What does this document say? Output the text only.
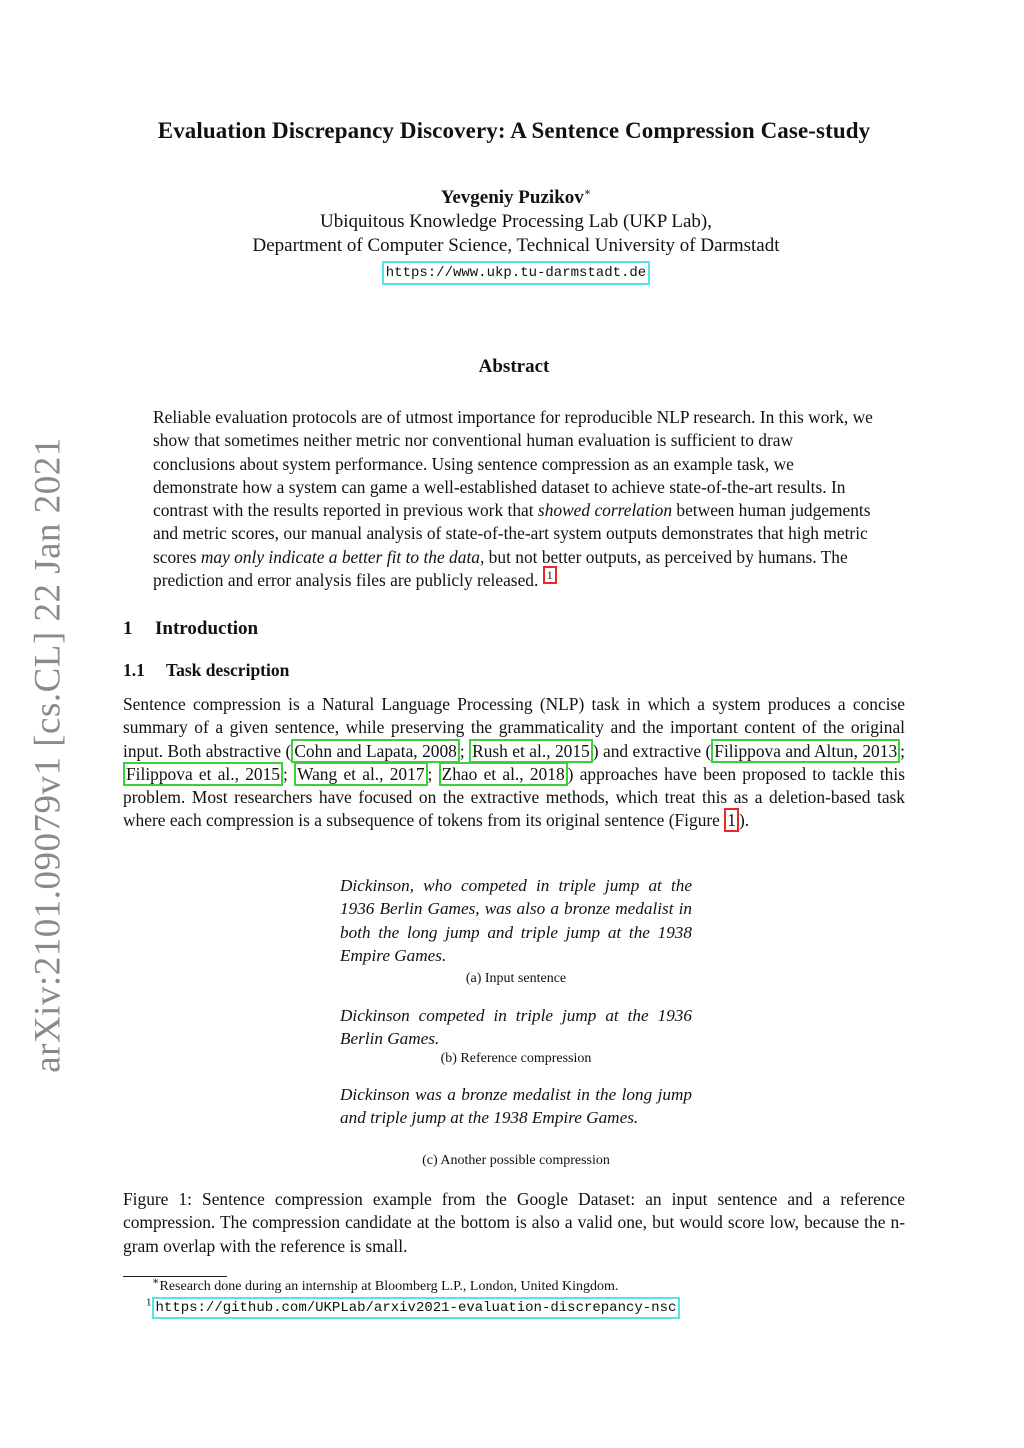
Evaluation Discrepancy Discovery: A Sentence Compression Case-study
Yevgeniy Puzikov∗
Ubiquitous Knowledge Processing Lab (UKP Lab),
Department of Computer Science, Technical University of Darmstadt
https://www.ukp.tu-darmstadt.de
arXiv:2101.09079v1 [cs.CL] 22 Jan 2021
Abstract

Reliable evaluation protocols are of utmost importance for reproducible NLP research. In this work, we show that sometimes neither metric nor conventional human evaluation is sufficient to draw conclusions about system performance. Using sentence compression as an example task, we demonstrate how a system can game a well-established dataset to achieve state-of-the-art results. In contrast with the results reported in previous work that showed correlation between human judgements and metric scores, our manual analysis of state-of-the-art system outputs demonstrates that high metric scores may only indicate a better fit to the data, but not better outputs, as perceived by humans. The prediction and error analysis files are publicly released. $^1$

1 Introduction
1.1 Task description

Sentence compression is a Natural Language Processing (NLP) task in which a system produces a concise summary of a given sentence, while preserving the grammaticality and the important content of the original input. Both abstractive ( Cohn and Lapata, 2008 ; Rush et al., 2015 ) and extractive ( Filippova and Altun, 2013 ; Filippova et al., 2015 ; Wang et al., 2017 ; Zhao et al., 2018 ) approaches have been proposed to tackle this problem. Most researchers have focused on the extractive methods, which treat this as a deletion-based task where each compression is a subsequence of tokens from its original sentence (Figure 1 ).

Dickinson, who competed in triple jump at the 1936 Berlin Games, was also a bronze medalist in both the long jump and triple jump at the 1938 Empire Games.
(a) Input sentence
Dickinson competed in triple jump at the 1936 Berlin Games.
(b) Reference compression
Dickinson was a bronze medalist in the long jump and triple jump at the 1938 Empire Games.
(c) Another possible compression
Figure 1: Sentence compression example from the Google Dataset: an input sentence and a reference compression. The compression candidate at the bottom is also a valid one, but would score low, because the n-gram overlap with the reference is small.
∗Research done during an internship at Bloomberg L.P., London, United Kingdom.
$^1$ https://github.com/UKPLab/arxiv2021-evaluation-discrepancy-nsc
